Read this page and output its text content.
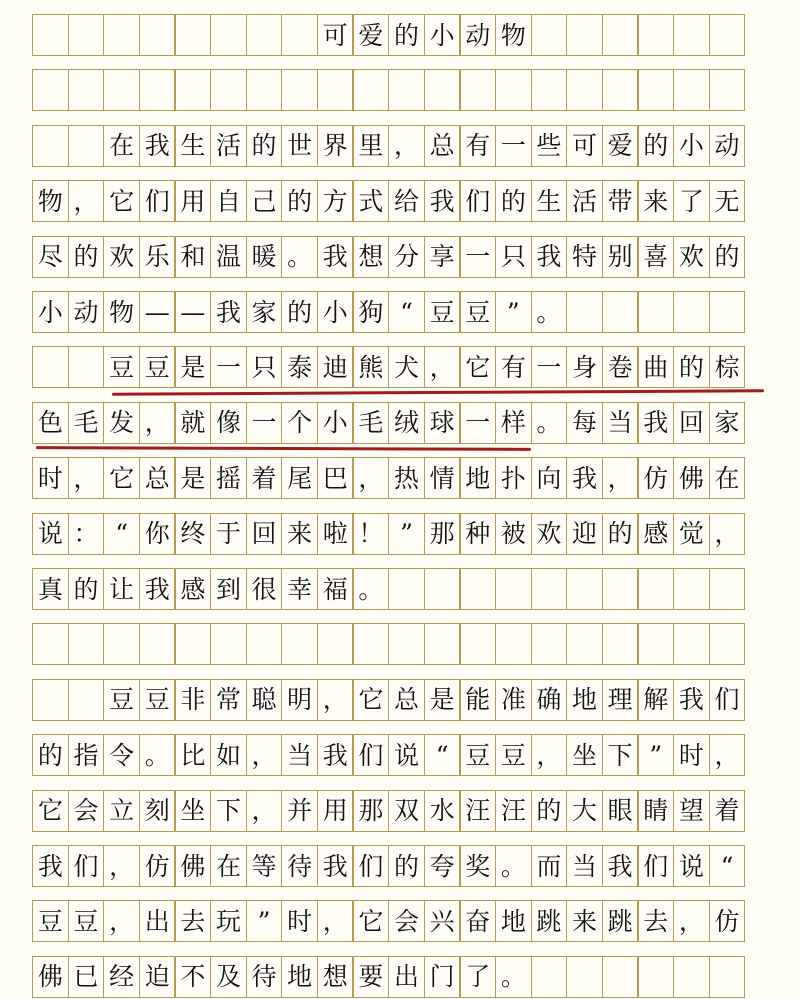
可 爱 的 小 动 物
在 我 生 活 的 世 界 里 ， 总 有 一 些 可 爱 的 小 动
物 ， 它 们 用 自 己 的 方 式 给 我 们 的 生 活 带 来 了 无
尽 的 欢 乐 和 温 暖 。 我 想 分 享 一 只 我 特 别 喜 欢 的
小 动 物 — — 我 家 的 小 狗 “ 豆 豆 ” 。
豆 豆 是 一 只 泰 迪 熊 犬 ， 它 有 一 身 卷 曲 的 棕
色 毛 发 ， 就 像 一 个 小 毛 绒 球 一 样 。 每 当 我 回 家
时 ， 它 总 是 摇 着 尾 巴 ， 热 情 地 扑 向 我 ， 仿 佛 在
说 ： “ 你 终 于 回 来 啦 ！ ” 那 种 被 欢 迎 的 感 觉 ，
真 的 让 我 感 到 很 幸 福 。
豆 豆 非 常 聪 明 ， 它 总 是 能 准 确 地 理 解 我 们
的 指 令 。 比 如 ， 当 我 们 说 “ 豆 豆 ， 坐 下 ” 时 ，
它 会 立 刻 坐 下 ， 并 用 那 双 水 汪 汪 的 大 眼 睛 望 着
我 们 ， 仿 佛 在 等 待 我 们 的 夸 奖 。 而 当 我 们 说 “
豆 豆 ， 出 去 玩 ” 时 ， 它 会 兴 奋 地 跳 来 跳 去 ， 仿
佛 已 经 迫 不 及 待 地 想 要 出 门 了 。
